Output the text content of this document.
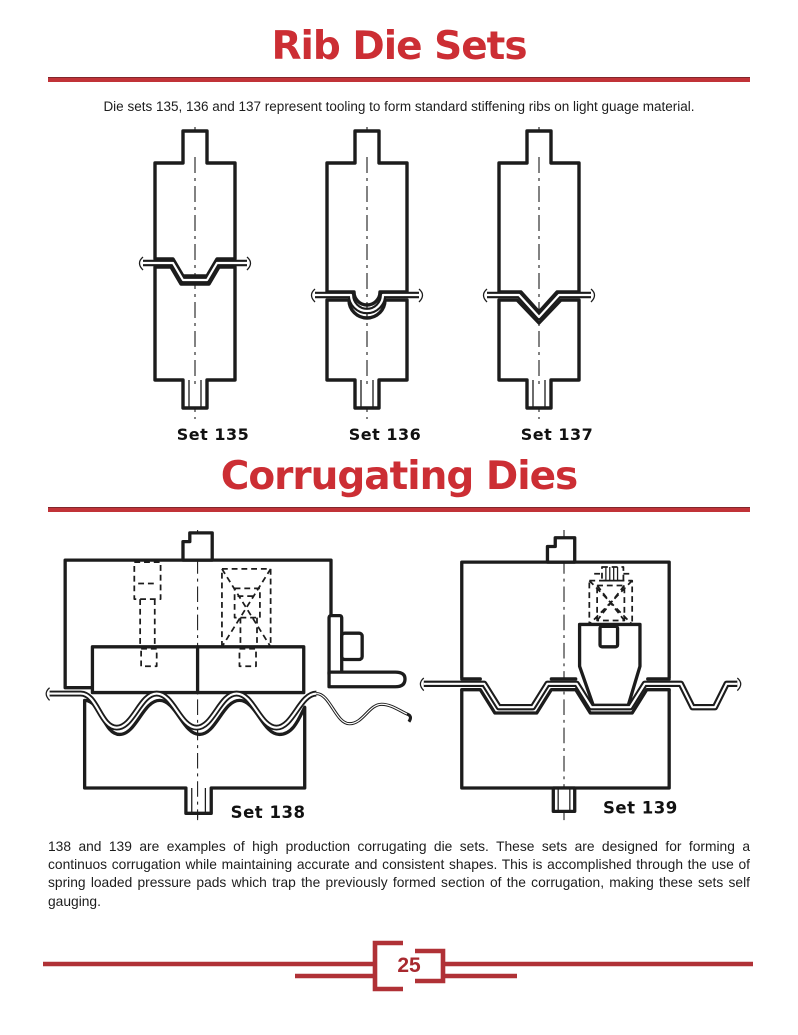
Rib Die Sets
Die sets 135, 136 and 137 represent tooling to form standard stiffening ribs on light guage material.
Set 135	Set 136	Set 137
Corrugating Dies
Set 138	Set 139
138 and 139 are examples of high production corrugating die sets. These sets are designed for forming a continuos corrugation while maintaining accurate and consistent shapes. This is accomplished through the use of spring loaded pressure pads which trap the previously formed section of the corrugation, making these sets self gauging.
25
